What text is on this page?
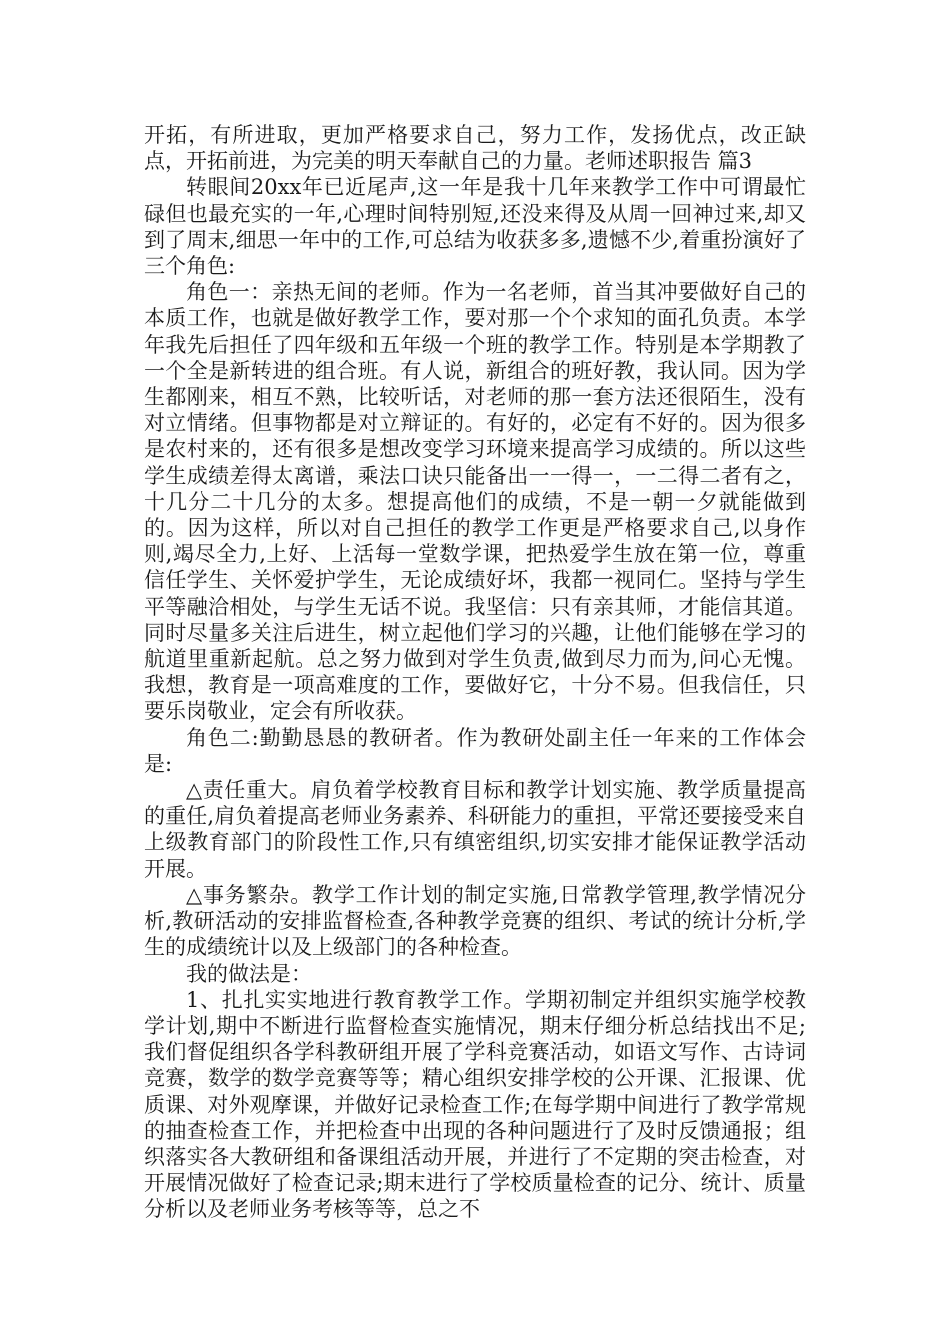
开拓，有所进取，更加严格要求自己，努力工作，发扬优点，改正缺点，开拓前进，为完美的明天奉献自己的力量。老师述职报告 篇3

转眼间20xx年已近尾声,这一年是我十几年来教学工作中可谓最忙碌但也最充实的一年,心理时间特别短,还没来得及从周一回神过来,却又到了周末,细思一年中的工作,可总结为收获多多,遗憾不少,着重扮演好了三个角色:

角色一：亲热无间的老师。作为一名老师，首当其冲要做好自己的本质工作，也就是做好教学工作，要对那一个个求知的面孔负责。本学年我先后担任了四年级和五年级一个班的教学工作。特别是本学期教了一个全是新转进的组合班。有人说，新组合的班好教，我认同。因为学生都刚来，相互不熟，比较听话，对老师的那一套方法还很陌生，没有对立情绪。但事物都是对立辩证的。有好的，必定有不好的。因为很多是农村来的，还有很多是想改变学习环境来提高学习成绩的。所以这些学生成绩差得太离谱，乘法口诀只能备出一一得一，一二得二者有之，十几分二十几分的太多。想提高他们的成绩，不是一朝一夕就能做到的。因为这样，所以对自己担任的教学工作更是严格要求自己,以身作则,竭尽全力,上好、上活每一堂数学课，把热爱学生放在第一位，尊重信任学生、关怀爱护学生，无论成绩好坏，我都一视同仁。坚持与学生平等融洽相处，与学生无话不说。我坚信：只有亲其师，才能信其道。同时尽量多关注后进生，树立起他们学习的兴趣，让他们能够在学习的航道里重新起航。总之努力做到对学生负责,做到尽力而为,问心无愧。我想，教育是一项高难度的工作，要做好它，十分不易。但我信任，只要乐岗敬业，定会有所收获。

角色二:勤勤恳恳的教研者。作为教研处副主任一年来的工作体会是:

△责任重大。肩负着学校教育目标和教学计划实施、教学质量提高的重任,肩负着提高老师业务素养、科研能力的重担，平常还要接受来自上级教育部门的阶段性工作,只有缜密组织,切实安排才能保证教学活动开展。

△事务繁杂。教学工作计划的制定实施,日常教学管理,教学情况分析,教研活动的安排监督检查,各种教学竞赛的组织、考试的统计分析,学生的成绩统计以及上级部门的各种检查。

我的做法是：

1、扎扎实实地进行教育教学工作。学期初制定并组织实施学校教学计划,期中不断进行监督检查实施情况，期末仔细分析总结找出不足;我们督促组织各学科教研组开展了学科竞赛活动，如语文写作、古诗词竞赛，数学的数学竞赛等等；精心组织安排学校的公开课、汇报课、优质课、对外观摩课，并做好记录检查工作;在每学期中间进行了教学常规的抽查检查工作，并把检查中出现的各种问题进行了及时反馈通报；组织落实各大教研组和备课组活动开展，并进行了不定期的突击检查，对开展情况做好了检查记录;期末进行了学校质量检查的记分、统计、质量分析以及老师业务考核等等，总之不
